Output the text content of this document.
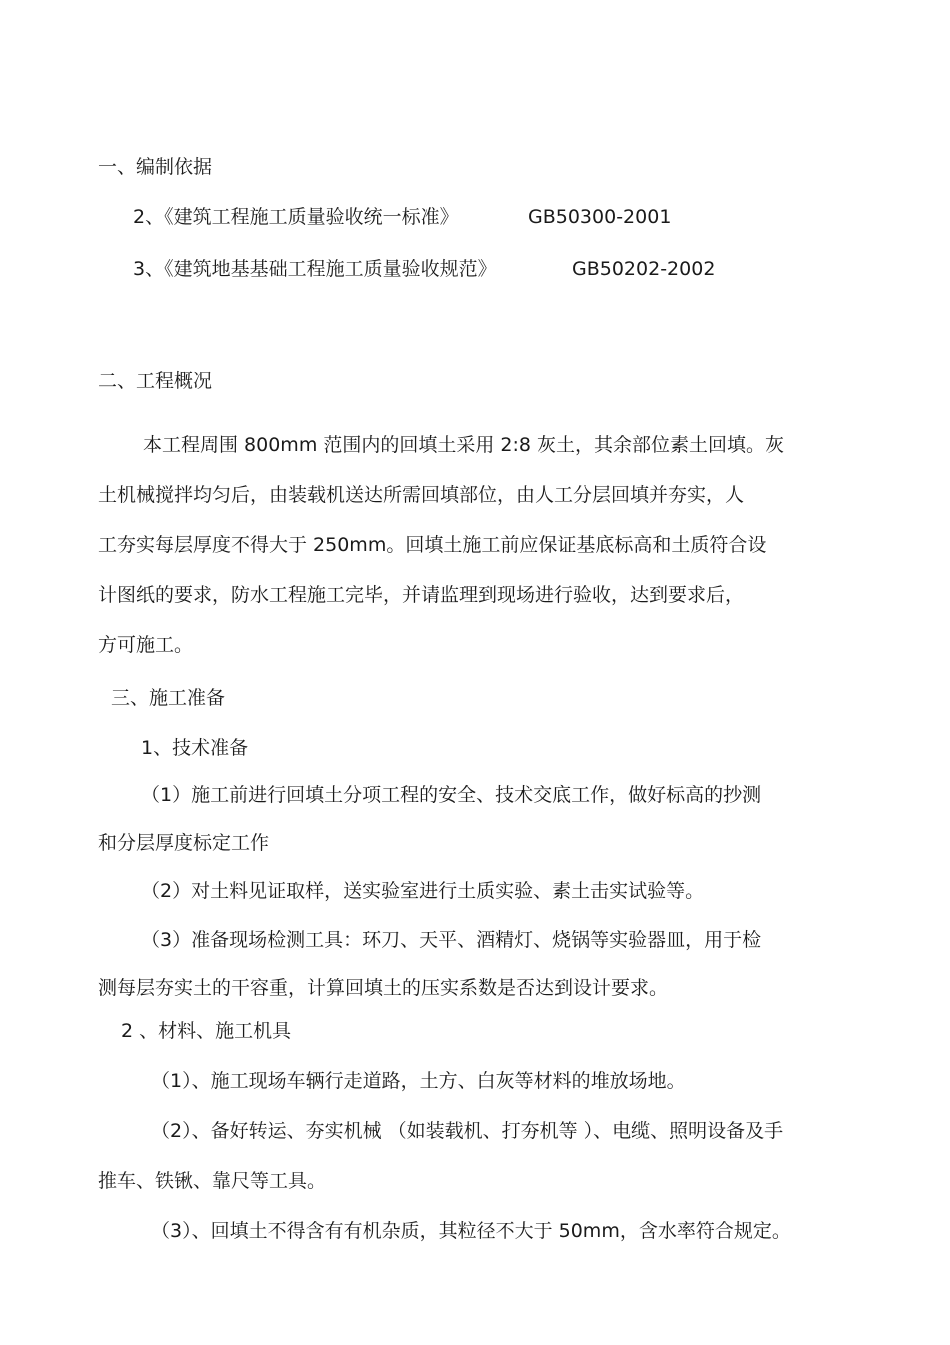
一、编制依据
2、《建筑工程施工质量验收统一标准》	GB50300-2001
3、《建筑地基基础工程施工质量验收规范》	GB50202-2002
二、工程概况
本工程周围 800mm 范围内的回填土采用 2:8 灰土，其余部位素土回填。灰
土机械搅拌均匀后，由装载机送达所需回填部位，由人工分层回填并夯实，人
工夯实每层厚度不得大于 250mm。回填土施工前应保证基底标高和土质符合设
计图纸的要求，防水工程施工完毕，并请监理到现场进行验收，达到要求后，
方可施工。
三、施工准备
1、技术准备
（1）施工前进行回填土分项工程的安全、技术交底工作，做好标高的抄测
和分层厚度标定工作
（2）对土料见证取样，送实验室进行土质实验、素土击实试验等。
（3）准备现场检测工具：环刀、天平、酒精灯、烧锅等实验器皿，用于检
测每层夯实土的干容重，计算回填土的压实系数是否达到设计要求。
2 、材料、施工机具
（1）、施工现场车辆行走道路，土方、白灰等材料的堆放场地。
（2）、备好转运、夯实机械 （如装载机、打夯机等 ）、电缆、照明设备及手
推车、铁锹、靠尺等工具。
（3）、回填土不得含有有机杂质，其粒径不大于 50mm，含水率符合规定。
